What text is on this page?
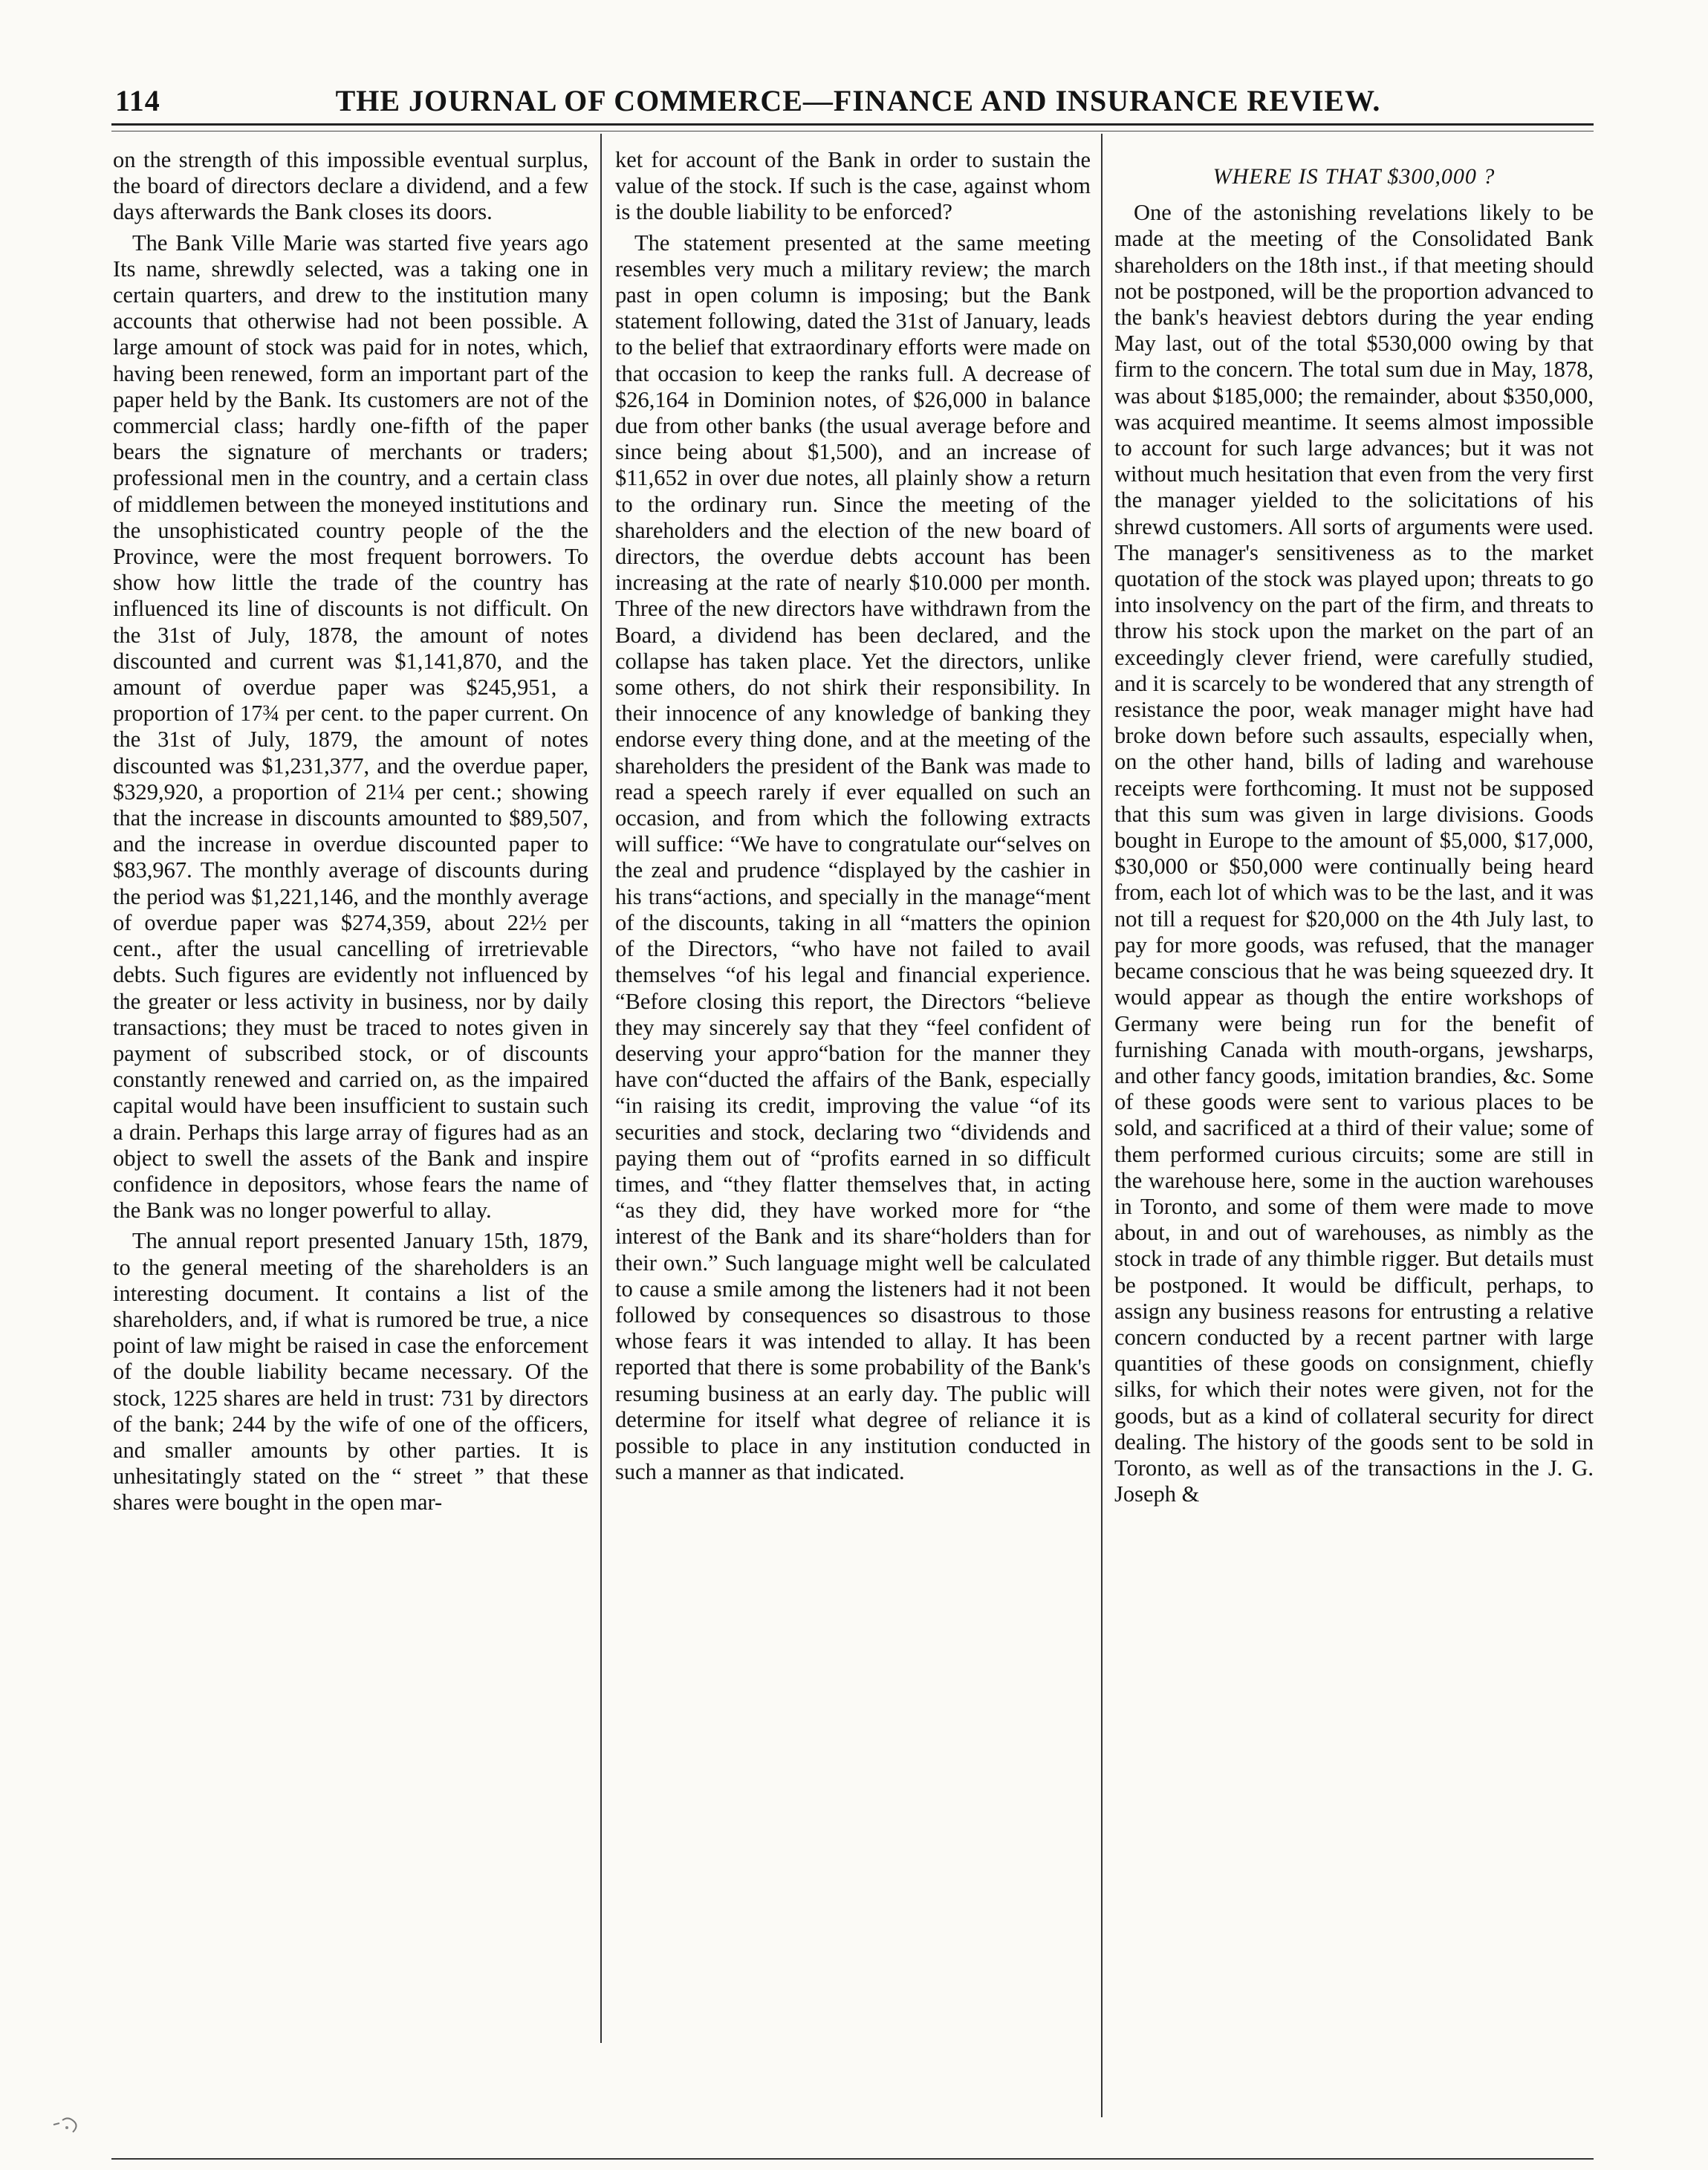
114	THE JOURNAL OF COMMERCE—FINANCE AND INSURANCE REVIEW.

on the strength of this impossible eventual surplus, the board of directors declare a dividend, and a few days afterwards the Bank closes its doors.

The Bank Ville Marie was started five years ago Its name, shrewdly selected, was a taking one in certain quarters, and drew to the institution many accounts that otherwise had not been possible. A large amount of stock was paid for in notes, which, having been renewed, form an important part of the paper held by the Bank. Its customers are not of the commercial class; hardly one-fifth of the paper bears the signature of merchants or traders; professional men in the country, and a certain class of middlemen between the moneyed institutions and the unsophisticated country people of the the Province, were the most frequent borrowers. To show how little the trade of the country has influenced its line of discounts is not difficult. On the 31st of July, 1878, the amount of notes discounted and current was $1,141,870, and the amount of overdue paper was $245,951, a proportion of 17¾ per cent. to the paper current. On the 31st of July, 1879, the amount of notes discounted was $1,231,377, and the overdue paper, $329,920, a proportion of 21¼ per cent.; showing that the increase in discounts amounted to $89,507, and the increase in overdue discounted paper to $83,967. The monthly average of discounts during the period was $1,221,146, and the monthly average of overdue paper was $274,359, about 22½ per cent., after the usual cancelling of irretrievable debts. Such figures are evidently not influenced by the greater or less activity in business, nor by daily transactions; they must be traced to notes given in payment of subscribed stock, or of discounts constantly renewed and carried on, as the impaired capital would have been insufficient to sustain such a drain. Perhaps this large array of figures had as an object to swell the assets of the Bank and inspire confidence in depositors, whose fears the name of the Bank was no longer powerful to allay.

The annual report presented January 15th, 1879, to the general meeting of the shareholders is an interesting document. It contains a list of the shareholders, and, if what is rumored be true, a nice point of law might be raised in case the enforcement of the double liability became necessary. Of the stock, 1225 shares are held in trust: 731 by directors of the bank; 244 by the wife of one of the officers, and smaller amounts by other parties. It is unhesitatingly stated on the “ street ” that these shares were bought in the open mar-

ket for account of the Bank in order to sustain the value of the stock. If such is the case, against whom is the double liability to be enforced?

The statement presented at the same meeting resembles very much a military review; the march past in open column is imposing; but the Bank statement following, dated the 31st of January, leads to the belief that extraordinary efforts were made on that occasion to keep the ranks full. A decrease of $26,164 in Dominion notes, of $26,000 in balance due from other banks (the usual average before and since being about $1,500), and an increase of $11,652 in over due notes, all plainly show a return to the ordinary run. Since the meeting of the shareholders and the election of the new board of directors, the overdue debts account has been increasing at the rate of nearly $10.000 per month. Three of the new directors have withdrawn from the Board, a dividend has been declared, and the collapse has taken place. Yet the directors, unlike some others, do not shirk their responsibility. In their innocence of any knowledge of banking they endorse every thing done, and at the meeting of the shareholders the president of the Bank was made to read a speech rarely if ever equalled on such an occasion, and from which the following extracts will suffice: “We have to congratulate our“selves on the zeal and prudence “displayed by the cashier in his trans“actions, and specially in the manage“ment of the discounts, taking in all “matters the opinion of the Directors, “who have not failed to avail themselves “of his legal and financial experience. “Before closing this report, the Directors “believe they may sincerely say that they “feel confident of deserving your appro“bation for the manner they have con“ducted the affairs of the Bank, especially “in raising its credit, improving the value “of its securities and stock, declaring two “dividends and paying them out of “profits earned in so difficult times, and “they flatter themselves that, in acting “as they did, they have worked more for “the interest of the Bank and its share“holders than for their own.” Such language might well be calculated to cause a smile among the listeners had it not been followed by consequences so disastrous to those whose fears it was intended to allay. It has been reported that there is some probability of the Bank's resuming business at an early day. The public will determine for itself what degree of reliance it is possible to place in any institution conducted in such a manner as that indicated.

WHERE IS THAT $300,000 ?

One of the astonishing revelations likely to be made at the meeting of the Consolidated Bank shareholders on the 18th inst., if that meeting should not be postponed, will be the proportion advanced to the bank's heaviest debtors during the year ending May last, out of the total $530,000 owing by that firm to the concern. The total sum due in May, 1878, was about $185,000; the remainder, about $350,000, was acquired meantime. It seems almost impossible to account for such large advances; but it was not without much hesitation that even from the very first the manager yielded to the solicitations of his shrewd customers. All sorts of arguments were used. The manager's sensitiveness as to the market quotation of the stock was played upon; threats to go into insolvency on the part of the firm, and threats to throw his stock upon the market on the part of an exceedingly clever friend, were carefully studied, and it is scarcely to be wondered that any strength of resistance the poor, weak manager might have had broke down before such assaults, especially when, on the other hand, bills of lading and warehouse receipts were forthcoming. It must not be supposed that this sum was given in large divisions. Goods bought in Europe to the amount of $5,000, $17,000, $30,000 or $50,000 were continually being heard from, each lot of which was to be the last, and it was not till a request for $20,000 on the 4th July last, to pay for more goods, was refused, that the manager became conscious that he was being squeezed dry. It would appear as though the entire workshops of Germany were being run for the benefit of furnishing Canada with mouth-organs, jewsharps, and other fancy goods, imitation brandies, &c. Some of these goods were sent to various places to be sold, and sacrificed at a third of their value; some of them performed curious circuits; some are still in the warehouse here, some in the auction warehouses in Toronto, and some of them were made to move about, in and out of warehouses, as nimbly as the stock in trade of any thimble rigger. But details must be postponed. It would be difficult, perhaps, to assign any business reasons for entrusting a relative concern conducted by a recent partner with large quantities of these goods on consignment, chiefly silks, for which their notes were given, not for the goods, but as a kind of collateral security for direct dealing. The history of the goods sent to be sold in Toronto, as well as of the transactions in the J. G. Joseph &
